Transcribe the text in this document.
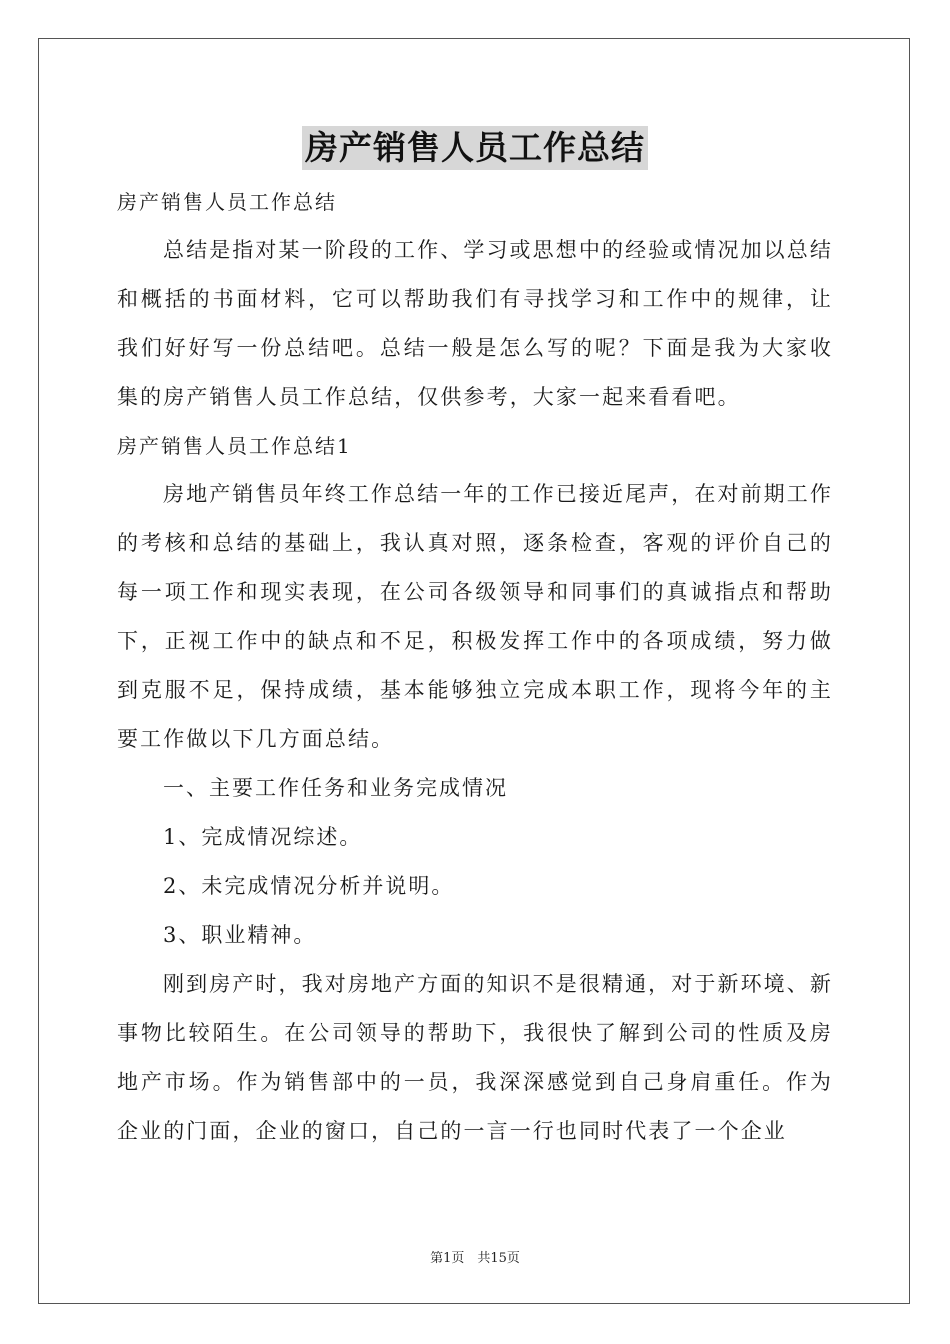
房产销售人员工作总结

房产销售人员工作总结

总结是指对某一阶段的工作、学习或思想中的经验或情况加以总结和概括的书面材料，它可以帮助我们有寻找学习和工作中的规律，让我们好好写一份总结吧。总结一般是怎么写的呢？下面是我为大家收集的房产销售人员工作总结，仅供参考，大家一起来看看吧。

房产销售人员工作总结1

房地产销售员年终工作总结一年的工作已接近尾声，在对前期工作的考核和总结的基础上，我认真对照，逐条检查，客观的评价自己的每一项工作和现实表现，在公司各级领导和同事们的真诚指点和帮助下，正视工作中的缺点和不足，积极发挥工作中的各项成绩，努力做到克服不足，保持成绩，基本能够独立完成本职工作，现将今年的主要工作做以下几方面总结。

一、主要工作任务和业务完成情况

1、完成情况综述。

2、未完成情况分析并说明。

3、职业精神。

刚到房产时，我对房地产方面的知识不是很精通，对于新环境、新事物比较陌生。在公司领导的帮助下，我很快了解到公司的性质及房地产市场。作为销售部中的一员，我深深感觉到自己身肩重任。作为企业的门面，企业的窗口，自己的一言一行也同时代表了一个企业

第1页　共15页
